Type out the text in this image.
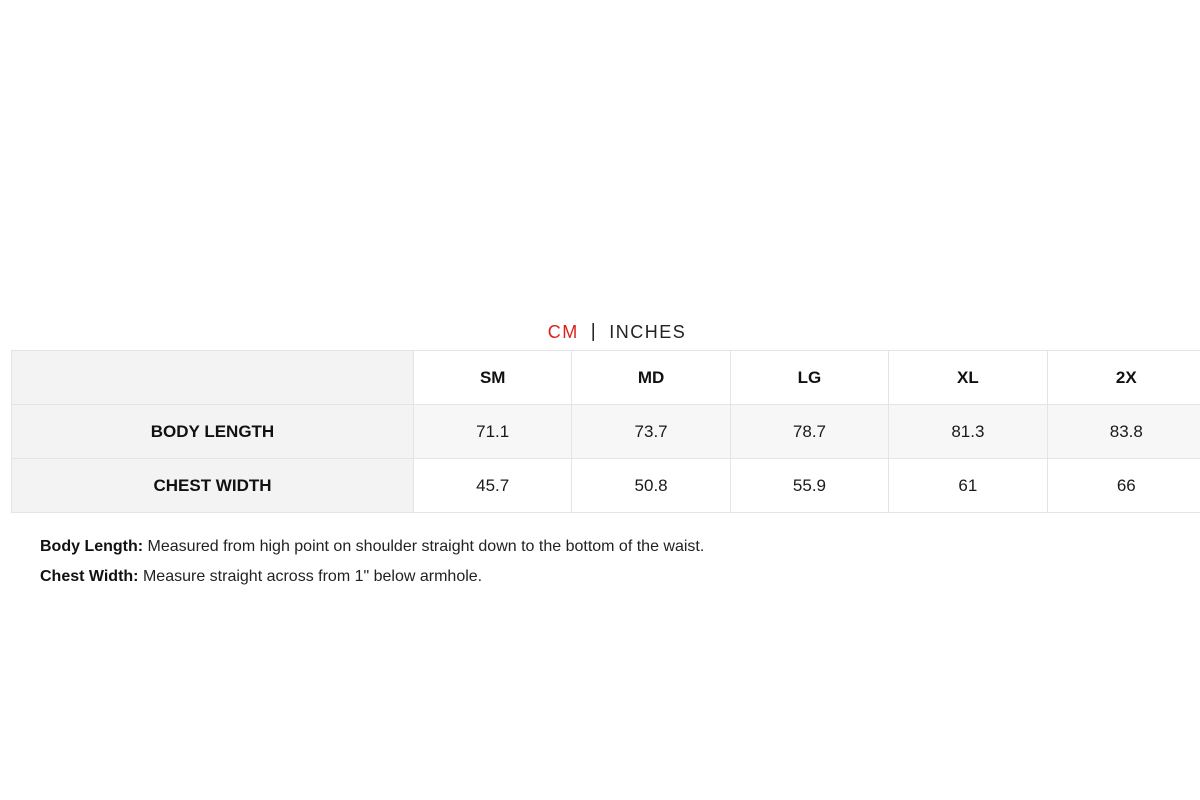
CM | INCHES
	SM	MD	LG	XL	2X
BODY LENGTH	71.1	73.7	78.7	81.3	83.8
CHEST WIDTH	45.7	50.8	55.9	61	66

Body Length: Measured from high point on shoulder straight down to the bottom of the waist.

Chest Width: Measure straight across from 1" below armhole.
